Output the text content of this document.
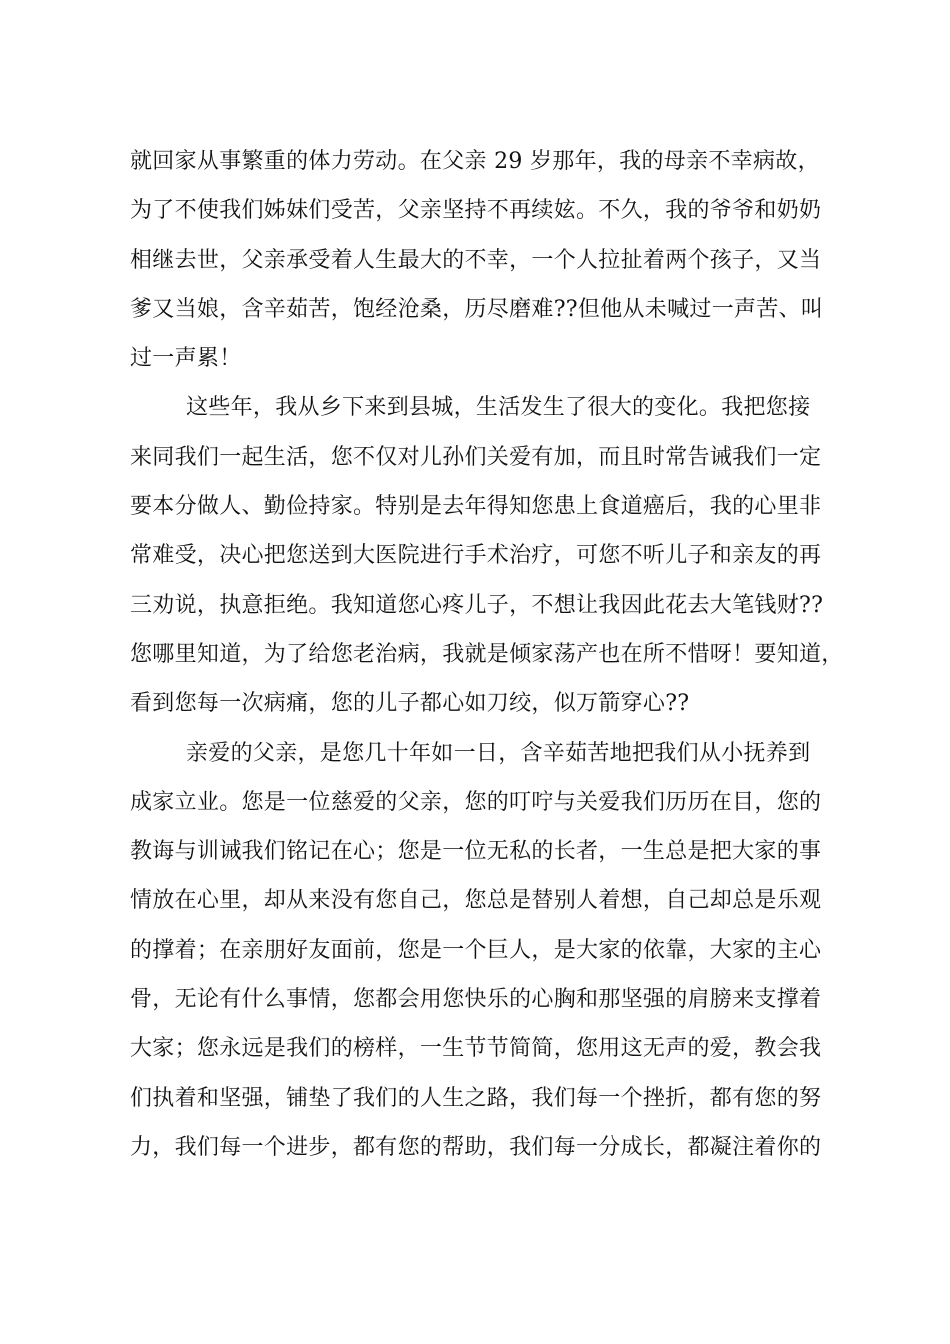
就回家从事繁重的体力劳动。在父亲 29 岁那年，我的母亲不幸病故，
为了不使我们姊妹们受苦，父亲坚持不再续妶。不久，我的爷爷和奶奶
相继去世，父亲承受着人生最大的不幸，一个人拉扯着两个孩子，又当
爹又当娘，含辛茹苦，饱经沧桑，历尽磨难??但他从未喊过一声苦、叫
过一声累！
这些年，我从乡下来到县城，生活发生了很大的变化。我把您接
来同我们一起生活，您不仅对儿孙们关爱有加，而且时常告诫我们一定
要本分做人、勤俭持家。特别是去年得知您患上食道癌后，我的心里非
常难受，决心把您送到大医院进行手术治疗，可您不听儿子和亲友的再
三劝说，执意拒绝。我知道您心疼儿子，不想让我因此花去大笔钱财??
您哪里知道，为了给您老治病，我就是倾家荡产也在所不惜呀！要知道，
看到您每一次病痛，您的儿子都心如刀绞，似万箭穿心??
亲爱的父亲，是您几十年如一日，含辛茹苦地把我们从小抚养到
成家立业。您是一位慈爱的父亲，您的叮咛与关爱我们历历在目，您的
教诲与训诫我们铭记在心；您是一位无私的长者，一生总是把大家的事
情放在心里，却从来没有您自己，您总是替别人着想，自己却总是乐观
的撑着；在亲朋好友面前，您是一个巨人，是大家的依靠，大家的主心
骨，无论有什么事情，您都会用您快乐的心胸和那坚强的肩膀来支撑着
大家；您永远是我们的榜样，一生节节简简，您用这无声的爱，教会我
们执着和坚强，铺垫了我们的人生之路，我们每一个挫折，都有您的努
力，我们每一个进步，都有您的帮助，我们每一分成长，都凝注着你的
